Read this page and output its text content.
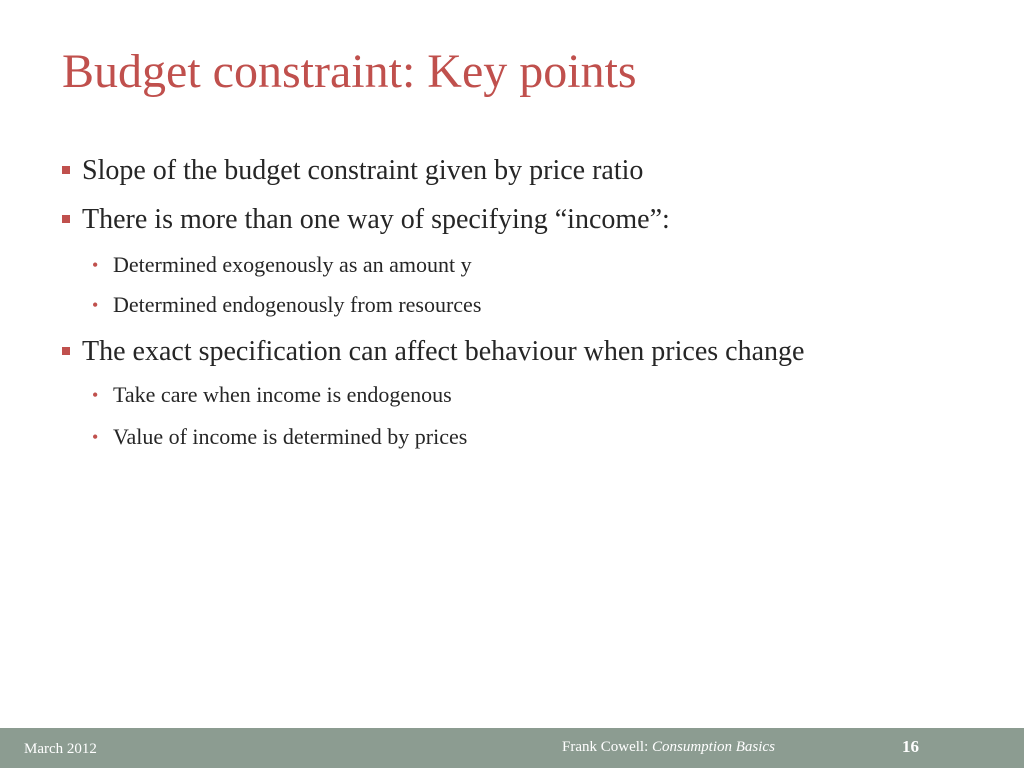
Budget constraint: Key points
Slope of the budget constraint given by price ratio
There is more than one way of specifying “income”:
• Determined exogenously as an amount y
• Determined endogenously from resources
The exact specification can affect behaviour when prices change
• Take care when income is endogenous
• Value of income is determined by prices
March 2012	Frank Cowell: Consumption Basics	16
